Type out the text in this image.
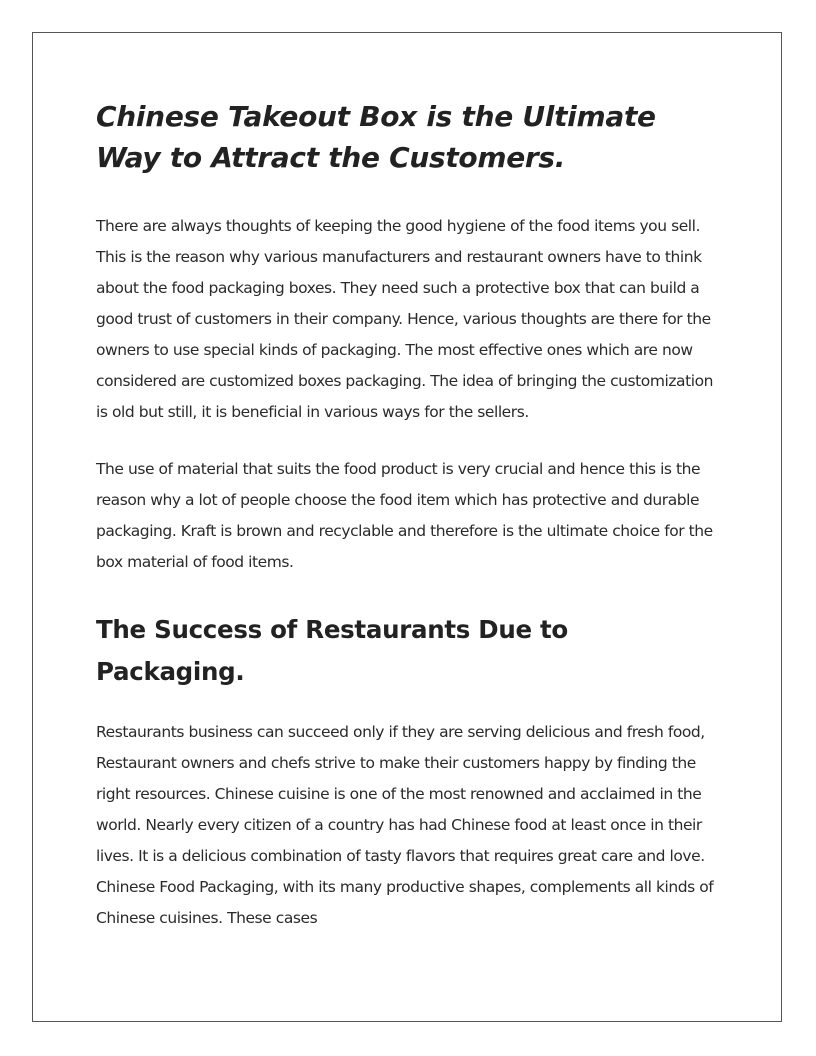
Chinese Takeout Box is the Ultimate Way to Attract the Customers.

There are always thoughts of keeping the good hygiene of the food items you sell. This is the reason why various manufacturers and restaurant owners have to think about the food packaging boxes. They need such a protective box that can build a good trust of customers in their company. Hence, various thoughts are there for the owners to use special kinds of packaging. The most effective ones which are now considered are customized boxes packaging. The idea of bringing the customization is old but still, it is beneficial in various ways for the sellers.

The use of material that suits the food product is very crucial and hence this is the reason why a lot of people choose the food item which has protective and durable packaging. Kraft is brown and recyclable and therefore is the ultimate choice for the box material of food items.

The Success of Restaurants Due to Packaging.

Restaurants business can succeed only if they are serving delicious and fresh food, Restaurant owners and chefs strive to make their customers happy by finding the right resources. Chinese cuisine is one of the most renowned and acclaimed in the world. Nearly every citizen of a country has had Chinese food at least once in their lives. It is a delicious combination of tasty flavors that requires great care and love. Chinese Food Packaging, with its many productive shapes, complements all kinds of Chinese cuisines. These cases
